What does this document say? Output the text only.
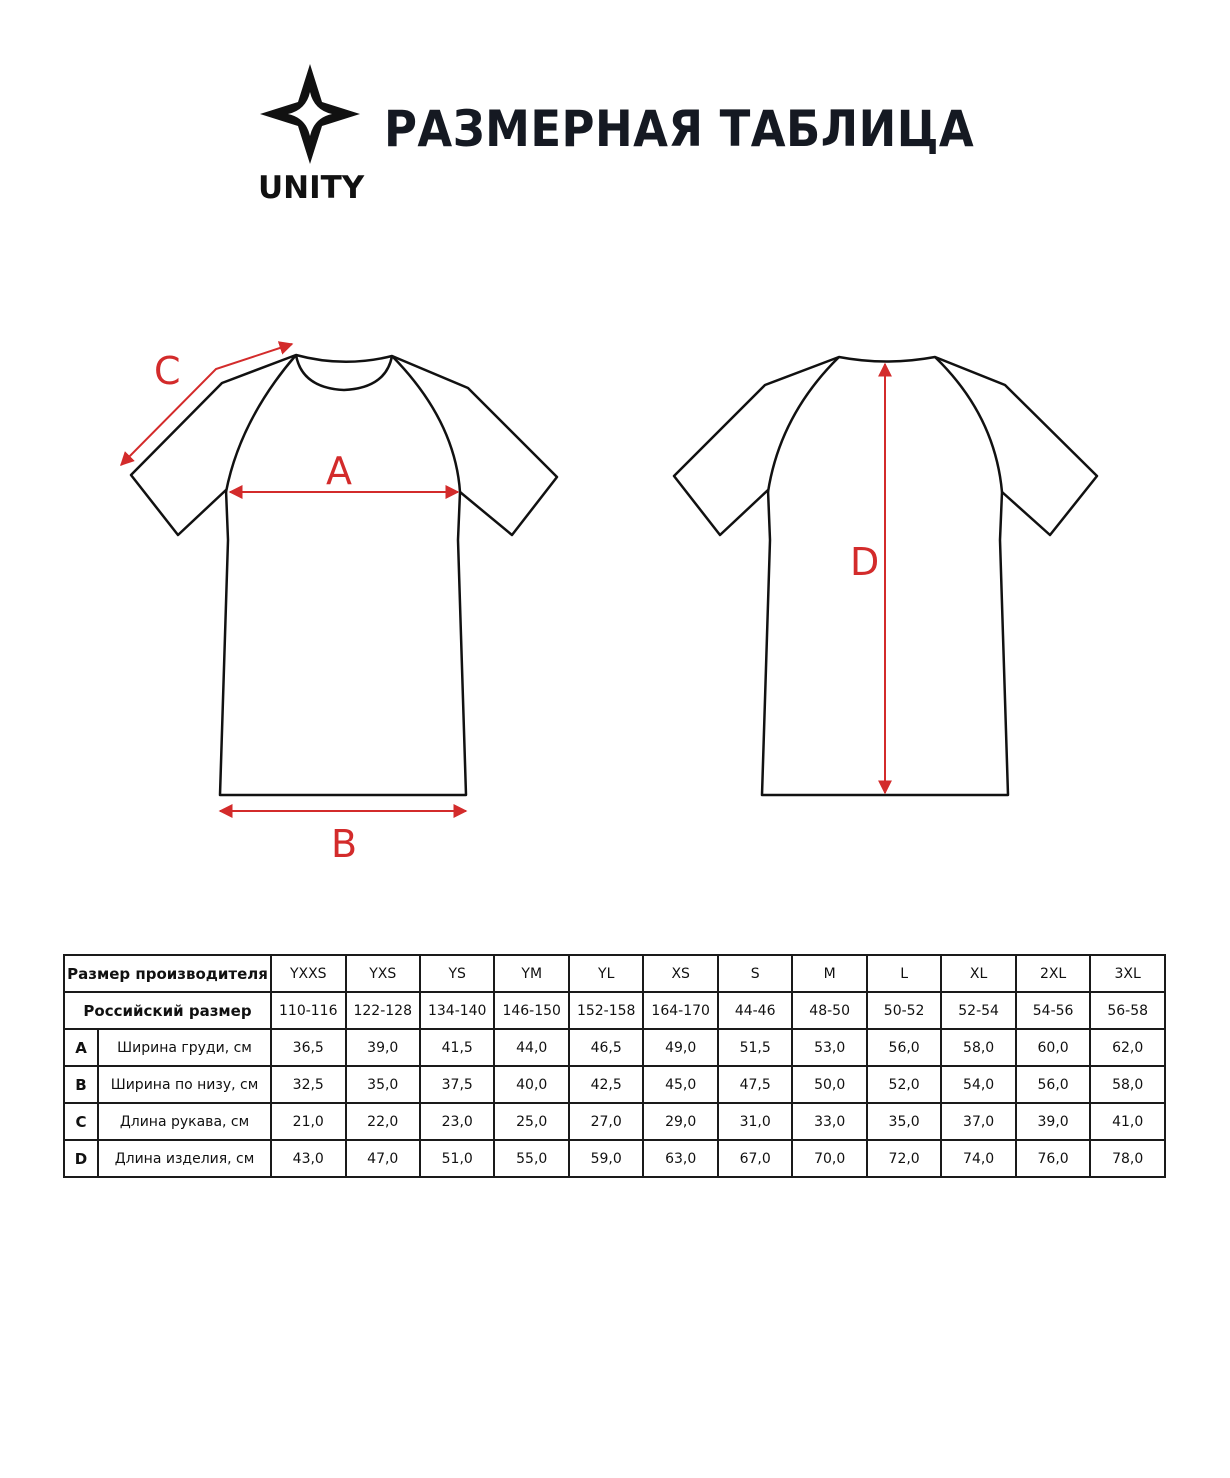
UNITY
РАЗМЕРНАЯ ТАБЛИЦА
A
B
C
D
Размер производителя		YXXS	YXS	YS	YM	YL	XS	S	M	L	XL	2XL	3XL
Российский размер		110-116	122-128	134-140	146-150	152-158	164-170	44-46	48-50	50-52	52-54	54-56	56-58
A	Ширина груди, см	36,5	39,0	41,5	44,0	46,5	49,0	51,5	53,0	56,0	58,0	60,0	62,0
B	Ширина по низу, см	32,5	35,0	37,5	40,0	42,5	45,0	47,5	50,0	52,0	54,0	56,0	58,0
C	Длина рукава, см	21,0	22,0	23,0	25,0	27,0	29,0	31,0	33,0	35,0	37,0	39,0	41,0
D	Длина изделия, см	43,0	47,0	51,0	55,0	59,0	63,0	67,0	70,0	72,0	74,0	76,0	78,0
